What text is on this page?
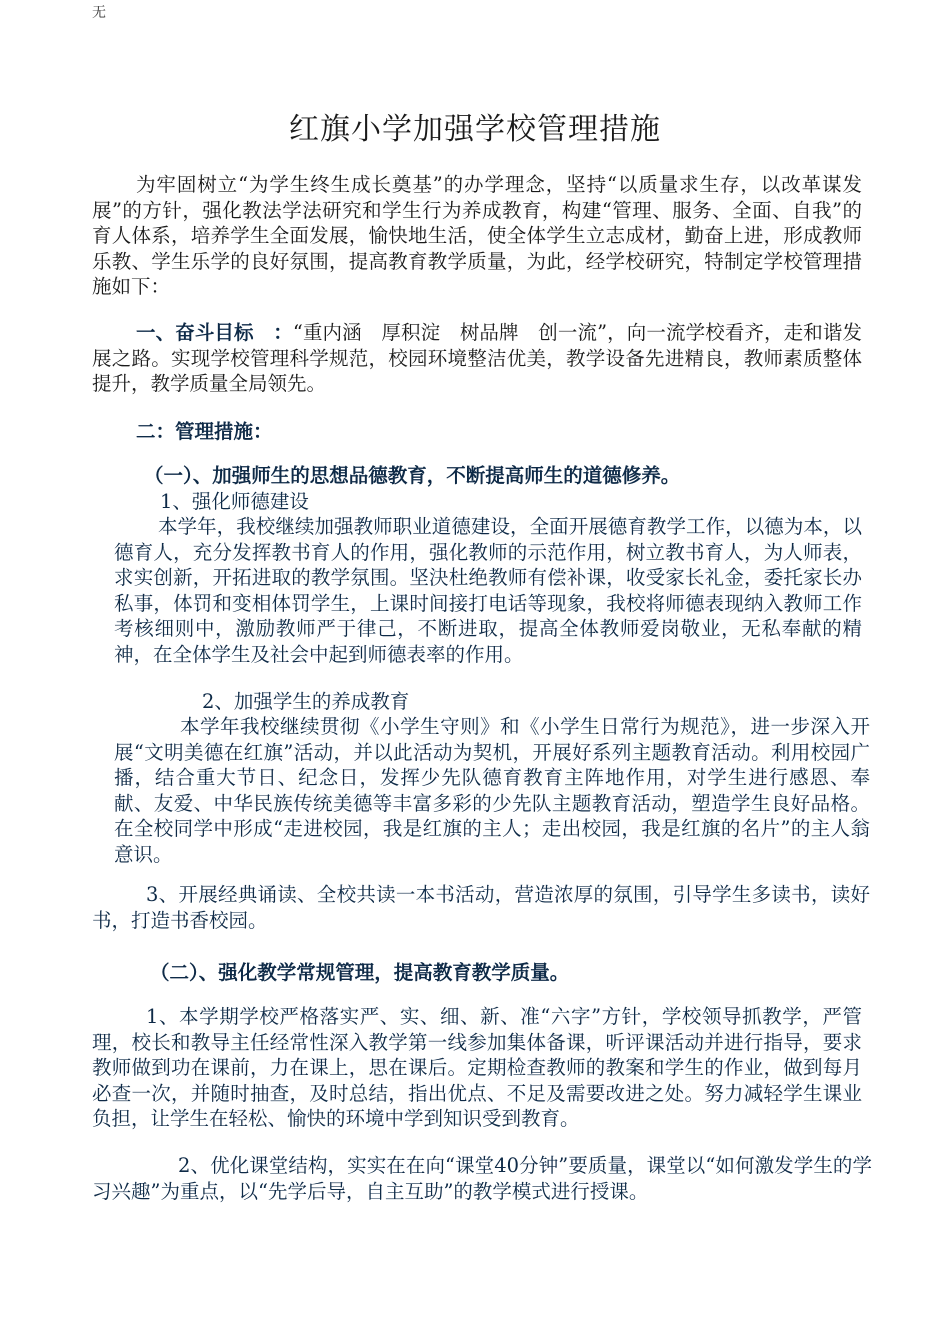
无
红旗小学加强学校管理措施

为牢固树立“为学生终生成长奠基”的办学理念，坚持“以质量求生存，以改革谋发展”的方针，强化教法学法研究和学生行为养成教育，构建“管理、服务、全面、自我”的育人体系，培养学生全面发展，愉快地生活，使全体学生立志成材，勤奋上进，形成教师乐教、学生乐学的良好氛围，提高教育教学质量，为此，经学校研究，特制定学校管理措施如下：

一、奋斗目标　：“重内涵　厚积淀　树品牌　创一流”，向一流学校看齐，走和谐发展之路。实现学校管理科学规范，校园环境整洁优美，教学设备先进精良，教师素质整体提升，教学质量全局领先。

二：管理措施：
（一）、加强师生的思想品德教育，不断提高师生的道德修养。
1、强化师德建设

本学年，我校继续加强教师职业道德建设，全面开展德育教学工作，以德为本，以德育人，充分发挥教书育人的作用，强化教师的示范作用，树立教书育人，为人师表，求实创新，开拓进取的教学氛围。坚決杜绝教师有偿补课，收受家长礼金，委托家长办私事，体罚和变相体罚学生，上课时间接打电话等现象，我校将师德表现纳入教师工作考核细则中，激励教师严于律己，不断进取，提高全体教师爱岗敬业，无私奉献的精神，在全体学生及社会中起到师德表率的作用。

2、加强学生的养成教育

本学年我校继续贯彻《小学生守则》和《小学生日常行为规范》，进一步深入开展“文明美德在红旗”活动，并以此活动为契机，开展好系列主题教育活动。利用校园广播，结合重大节日、纪念日，发挥少先队德育教育主阵地作用，对学生进行感恩、奉献、友爱、中华民族传统美德等丰富多彩的少先队主题教育活动，塑造学生良好品格。在全校同学中形成“走进校园，我是红旗的主人；走出校园，我是红旗的名片”的主人翁意识。

3、开展经典诵读、全校共读一本书活动，营造浓厚的氛围，引导学生多读书，读好书，打造书香校园。

（二）、强化教学常规管理，提高教育教学质量。

1、本学期学校严格落实严、实、细、新、准“六字”方针，学校领导抓教学，严管理，校长和教导主任经常性深入教学第一线参加集体备课，听评课活动并进行指导，要求教师做到功在课前，力在课上，思在课后。定期检查教师的教案和学生的作业，做到每月必查一次，并随时抽查，及时总结，指出优点、不足及需要改进之处。努力减轻学生课业负担，让学生在轻松、愉快的环境中学到知识受到教育。

2、优化课堂结构，实实在在向“课堂40分钟”要质量，课堂以“如何激发学生的学习兴趣”为重点，以“先学后导，自主互助”的教学模式进行授课。
